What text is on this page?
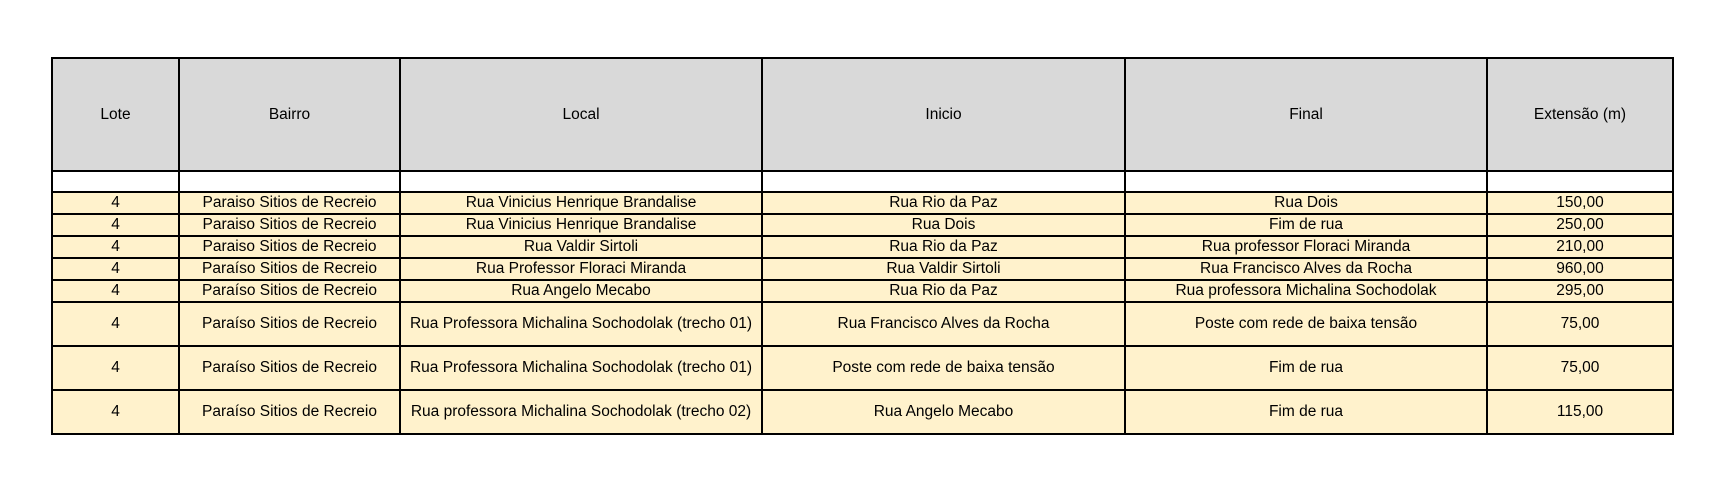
Lote	Bairro	Local	Inicio	Final	Extensão (m)

4	Paraiso Sitios de Recreio	Rua Vinicius Henrique Brandalise	Rua Rio da Paz	Rua Dois	150,00
4	Paraiso Sitios de Recreio	Rua Vinicius Henrique Brandalise	Rua Dois	Fim de rua	250,00
4	Paraiso Sitios de Recreio	Rua Valdir Sirtoli	Rua Rio da Paz	Rua professor Floraci Miranda	210,00
4	Paraíso Sitios de Recreio	Rua Professor Floraci Miranda	Rua Valdir Sirtoli	Rua Francisco Alves da Rocha	960,00
4	Paraíso Sitios de Recreio	Rua Angelo Mecabo	Rua Rio da Paz	Rua professora Michalina Sochodolak	295,00
4	Paraíso Sitios de Recreio	Rua Professora Michalina Sochodolak (trecho 01)	Rua Francisco Alves da Rocha	Poste com rede de baixa tensão	75,00
4	Paraíso Sitios de Recreio	Rua Professora Michalina Sochodolak (trecho 01)	Poste com rede de baixa tensão	Fim de rua	75,00
4	Paraíso Sitios de Recreio	Rua professora Michalina Sochodolak (trecho 02)	Rua Angelo Mecabo	Fim de rua	115,00
